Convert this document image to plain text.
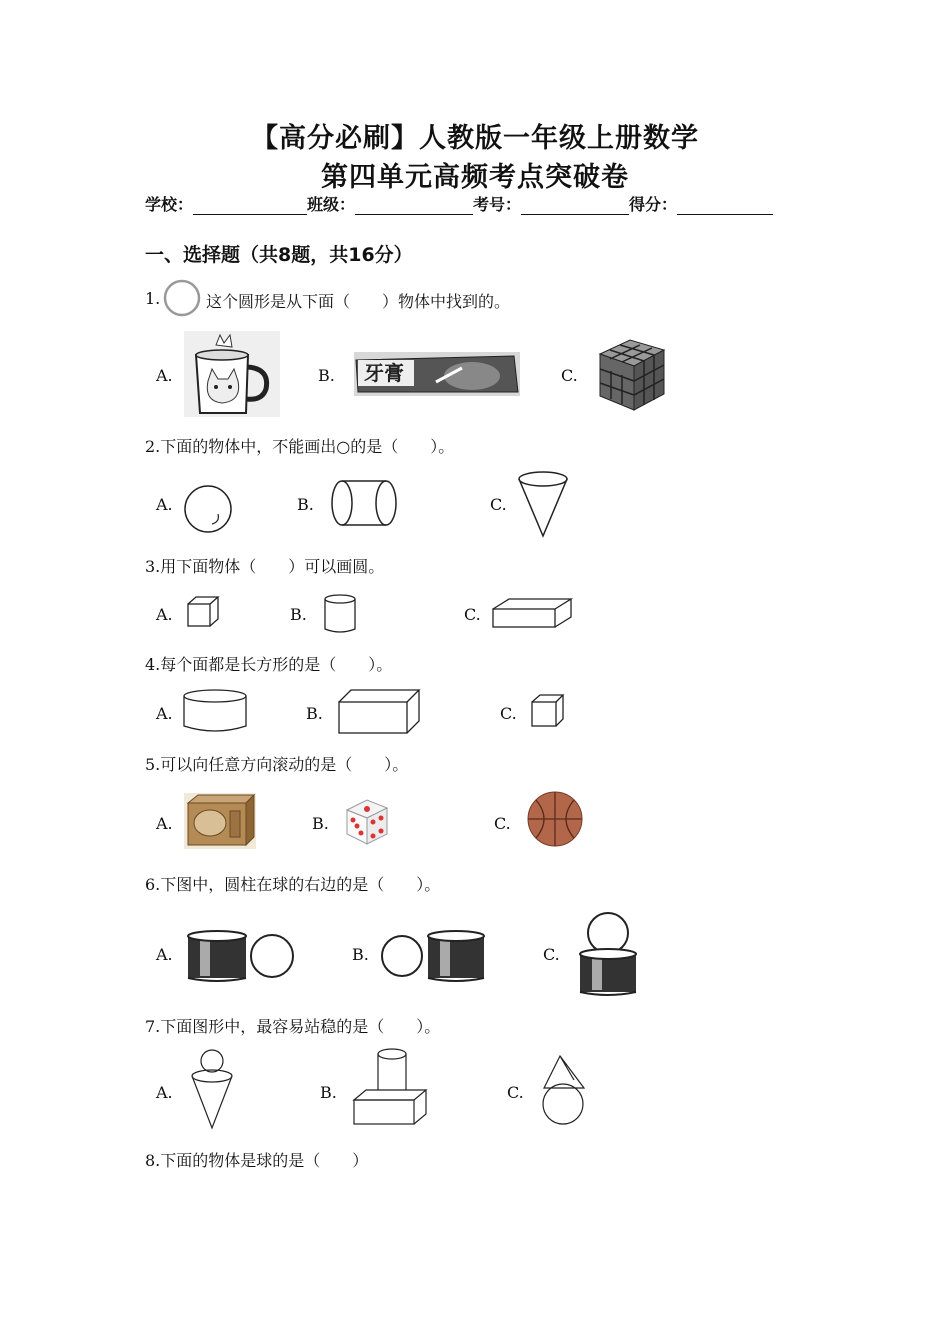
【高分必刷】人教版一年级上册数学
第四单元高频考点突破卷
学校：	班级：	考号：	得分：
一、选择题（共8题，共16分）
1.	这个圆形是从下面（　　）物体中找到的。
A.	B. 牙膏	C.
2.下面的物体中，不能画出○的是（　　）。
A.	B.	C.
3.用下面物体（　　）可以画圆。
A.	B.	C.
4.每个面都是长方形的是（　　）。
A.	B.	C.
5.可以向任意方向滚动的是（　　）。
A.	B.	C.
6.下图中，圆柱在球的右边的是（　　）。
A.	B.	C.
7.下面图形中，最容易站稳的是（　　）。
A.	B.	C.
8.下面的物体是球的是（　　）
